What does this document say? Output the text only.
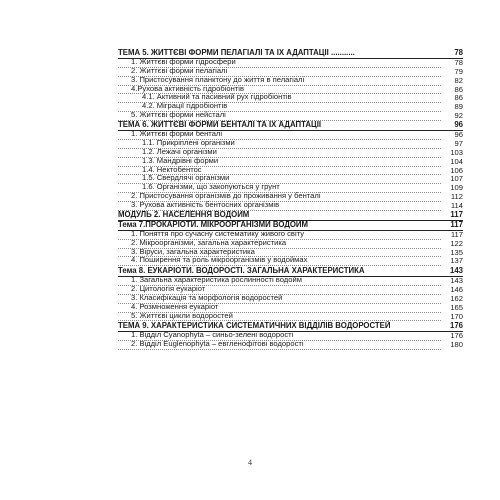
ТЕМА 5. ЖИТТЄВІ ФОРМИ ПЕЛАГІАЛІ ТА ЇХ АДАПТАЦІЇ ...........	78
1. Життєві форми гідросфери	78
2. Життєві форми пелагіалі	79
3. Пристосування планктону до життя в пелагіалі	82
4.Рухова активність гідробіонтів	86
4.1. Активний та пасивний рух гідробіонтів	86
4.2. Міграції гідробіонтів	89
5. Життєві форми нейсталі	92
ТЕМА 6. ЖИТТЄВІ ФОРМИ БЕНТАЛІ ТА ЇХ АДАПТАЦІЇ	96
1. Життєві форми бенталі	96
1.1. Прикріплені організми	97
1.2. Лежачі організми	103
1.3. Мандрівні форми	104
1.4. Нектобентос	106
1.5. Свердлячі організми	107
1.6. Організми, що закопуються у грунт	109
2. Пристосування організмів до проживання у бенталі	112
3. Рухова активність бентосних організмів	114
МОДУЛЬ 2. НАСЕЛЕННЯ ВОДОЙМ	117
Тема 7.ПРОКАРІОТИ. МІКРООРГАНІЗМИ ВОДОЙМ	117
1. Поняття про сучасну систематику живого світу	117
2. Мікроорганізми, загальна характеристика	122
3. Віруси, загальна характеристика	135
4. Поширення та роль мікроорганізмів у водоймах	137
Тема 8. ЕУКАРІОТИ. ВОДОРОСТІ. ЗАГАЛЬНА ХАРАКТЕРИСТИКА	143
1. Загальна характеристика рослинності водойм	143
2. Цитологія еукаріот	146
3. Класифікація та морфологія водоростей	162
4. Розмноження еукаріот	165
5. Життєві цикли водоростей	170
ТЕМА 9. ХАРАКТЕРИСТИКА СИСТЕМАТИЧНИХ ВІДДІЛІВ ВОДОРОСТЕЙ	176
1. Відділ Cyanophyta – синьо-зелені водорості	176
2. Відділ Euglenophyta – евгленофітові водорості	180
4
